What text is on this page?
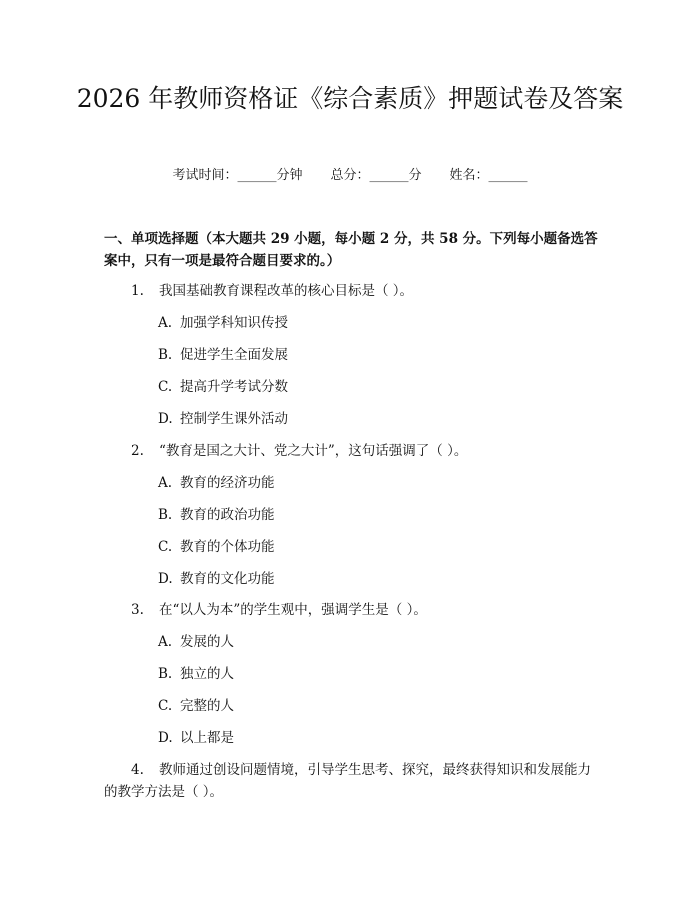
2026 年教师资格证《综合素质》押题试卷及答案
考试时间：______分钟 总分：______分 姓名：______
一、单项选择题（本大题共 29 小题，每小题 2 分，共 58 分。下列每小题备选答案中，只有一项是最符合题目要求的。）
1. 我国基础教育课程改革的核心目标是（ ）。
A. 加强学科知识传授
B. 促进学生全面发展
C. 提高升学考试分数
D. 控制学生课外活动
2. “教育是国之大计、党之大计”，这句话强调了（ ）。
A. 教育的经济功能
B. 教育的政治功能
C. 教育的个体功能
D. 教育的文化功能
3. 在“以人为本”的学生观中，强调学生是（ ）。
A. 发展的人
B. 独立的人
C. 完整的人
D. 以上都是
4. 教师通过创设问题情境，引导学生思考、探究，最终获得知识和发展能力的教学方法是（ ）。
